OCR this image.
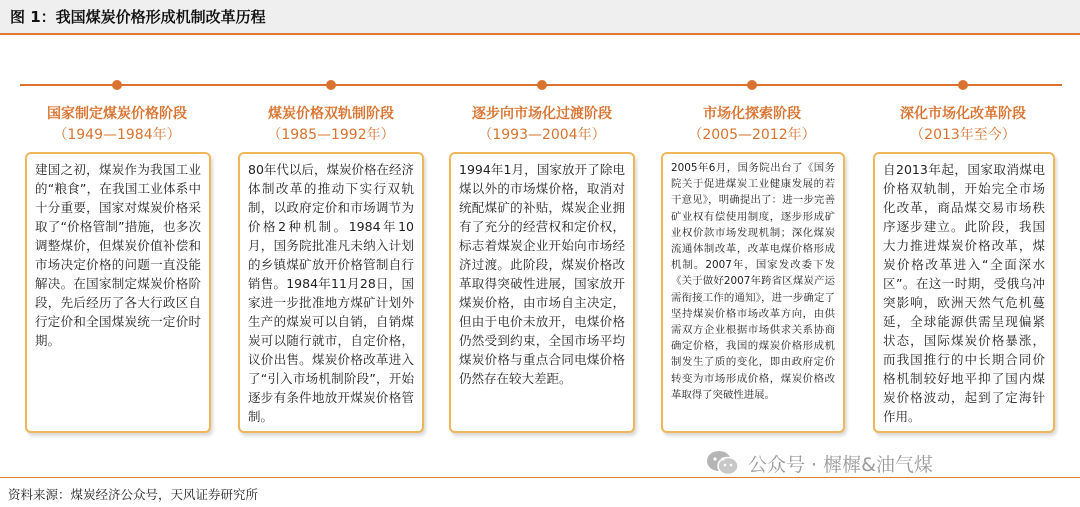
图 1：我国煤炭价格形成机制改革历程
国家制定煤炭价格阶段
（1949—1984年）
建国之初，煤炭作为我国工业的“粮食”，在我国工业体系中十分重要，国家对煤炭价格采取了“价格管制”措施，也多次调整煤价，但煤炭价值补偿和市场决定价格的问题一直没能解决。在国家制定煤炭价格阶段，先后经历了各大行政区自行定价和全国煤炭统一定价时期。
煤炭价格双轨制阶段
（1985—1992年）
80年代以后，煤炭价格在经济体制改革的推动下实行双轨制，以政府定价和市场调节为价格2种机制。1984年10月，国务院批准凡未纳入计划的乡镇煤矿放开价格管制自行销售。1984年11月28日，国家进一步批准地方煤矿计划外生产的煤炭可以自销，自销煤炭可以随行就市，自定价格，议价出售。煤炭价格改革进入了“引入市场机制阶段”，开始逐步有条件地放开煤炭价格管制。
逐步向市场化过渡阶段
（1993—2004年）
1994年1月，国家放开了除电煤以外的市场煤价格，取消对统配煤矿的补贴，煤炭企业拥有了充分的经营权和定价权，标志着煤炭企业开始向市场经济过渡。此阶段，煤炭价格改革取得突破性进展，国家放开煤炭价格，由市场自主决定，但由于电价未放开，电煤价格仍然受到约束，全国市场平均煤炭价格与重点合同电煤价格仍然存在较大差距。
市场化探索阶段
（2005—2012年）
2005年6月，国务院出台了《国务院关于促进煤炭工业健康发展的若干意见》，明确提出了：进一步完善矿业权有偿使用制度，逐步形成矿业权价款市场发现机制；深化煤炭流通体制改革，改革电煤价格形成机制。2007年，国家发改委下发《关于做好2007年跨省区煤炭产运需衔接工作的通知》，进一步确定了坚持煤炭价格市场改革方向，由供需双方企业根据市场供求关系协商确定价格，我国的煤炭价格形成机制发生了质的变化，即由政府定价转变为市场形成价格，煤炭价格改革取得了突破性进展。
深化市场化改革阶段
（2013年至今）
自2013年起，国家取消煤电价格双轨制，开始完全市场化改革，商品煤交易市场秩序逐步建立。此阶段，我国大力推进煤炭价格改革，煤炭价格改革进入“全面深水区”。在这一时期，受俄乌冲突影响，欧洲天然气危机蔓延，全球能源供需呈现偏紧状态，国际煤炭价格暴涨，而我国推行的中长期合同价格机制较好地平抑了国内煤炭价格波动，起到了定海针作用。
公众号 · 樨樨&油气煤
资料来源：煤炭经济公众号，天风证券研究所
